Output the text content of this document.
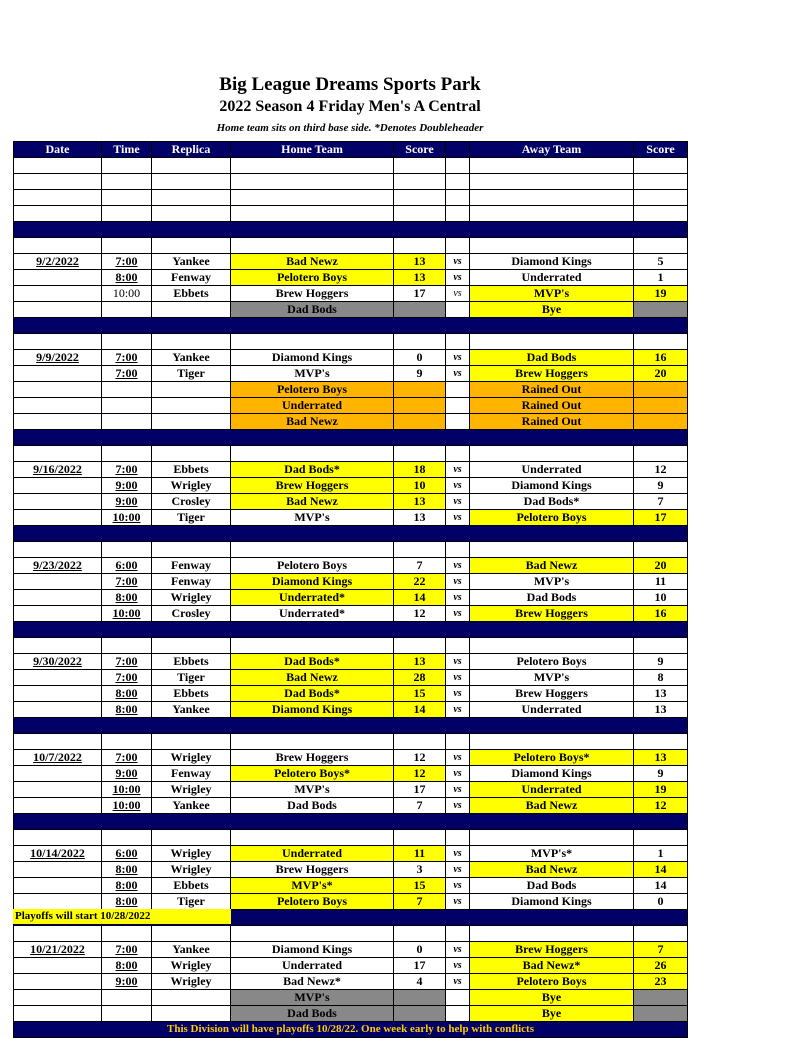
Big League Dreams Sports Park
2022 Season 4 Friday Men's A Central
Home team sits on third base side. *Denotes Doubleheader
Date	Time	Replica	Home Team	Score		Away Team	Score

9/2/2022	7:00	Yankee	Bad Newz	13	vs	Diamond Kings	5
	8:00	Fenway	Pelotero Boys	13	vs	Underrated	1
	10:00	Ebbets	Brew Hoggers	17	vs	MVP's	19
			Dad Bods			Bye	

9/9/2022	7:00	Yankee	Diamond Kings	0	vs	Dad Bods	16
	7:00	Tiger	MVP's	9	vs	Brew Hoggers	20
			Pelotero Boys			Rained Out	
			Underrated			Rained Out	
			Bad Newz			Rained Out	

9/16/2022	7:00	Ebbets	Dad Bods*	18	vs	Underrated	12
	9:00	Wrigley	Brew Hoggers	10	vs	Diamond Kings	9
	9:00	Crosley	Bad Newz	13	vs	Dad Bods*	7
	10:00	Tiger	MVP's	13	vs	Pelotero Boys	17

9/23/2022	6:00	Fenway	Pelotero Boys	7	vs	Bad Newz	20
	7:00	Fenway	Diamond Kings	22	vs	MVP's	11
	8:00	Wrigley	Underrated*	14	vs	Dad Bods	10
	10:00	Crosley	Underrated*	12	vs	Brew Hoggers	16

9/30/2022	7:00	Ebbets	Dad Bods*	13	vs	Pelotero Boys	9
	7:00	Tiger	Bad Newz	28	vs	MVP's	8
	8:00	Ebbets	Dad Bods*	15	vs	Brew Hoggers	13
	8:00	Yankee	Diamond Kings	14	vs	Underrated	13

10/7/2022	7:00	Wrigley	Brew Hoggers	12	vs	Pelotero Boys*	13
	9:00	Fenway	Pelotero Boys*	12	vs	Diamond Kings	9
	10:00	Wrigley	MVP's	17	vs	Underrated	19
	10:00	Yankee	Dad Bods	7	vs	Bad Newz	12

10/14/2022	6:00	Wrigley	Underrated	11	vs	MVP's*	1
	8:00	Wrigley	Brew Hoggers	3	vs	Bad Newz	14
	8:00	Ebbets	MVP's*	15	vs	Dad Bods	14
	8:00	Tiger	Pelotero Boys	7	vs	Diamond Kings	0

10/21/2022	7:00	Yankee	Diamond Kings	0	vs	Brew Hoggers	7
	8:00	Wrigley	Underrated	17	vs	Bad Newz*	26
	9:00	Wrigley	Bad Newz*	4	vs	Pelotero Boys	23
			MVP's			Bye	
			Dad Bods			Bye	
This Division will have playoffs 10/28/22. One week early to help with conflicts							
Playoffs will start 10/28/2022
